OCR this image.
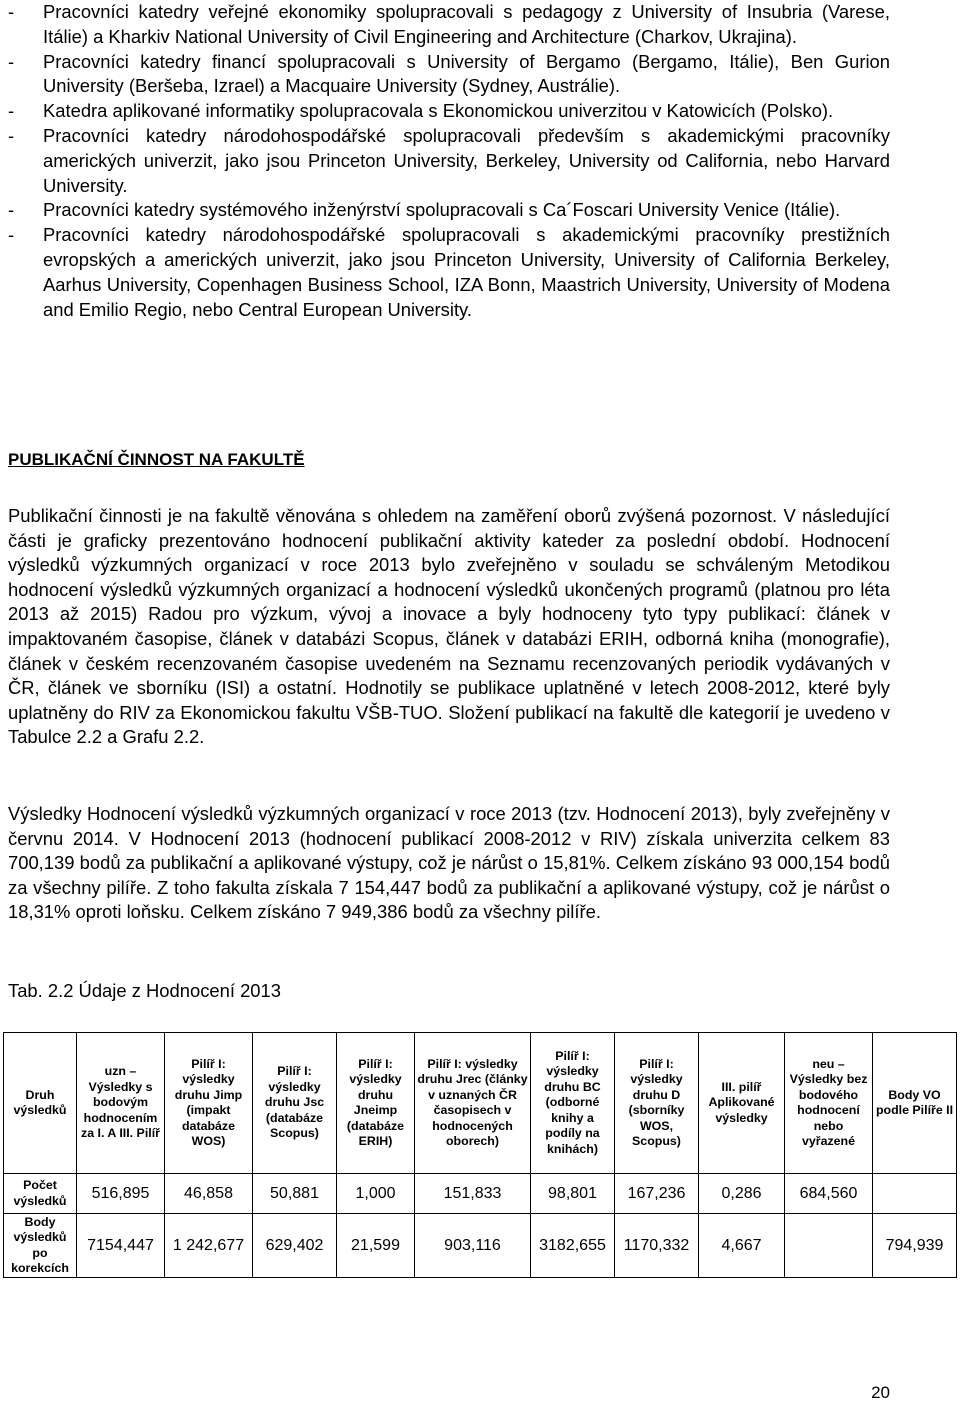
- Pracovníci katedry veřejné ekonomiky spolupracovali s pedagogy z University of Insubria (Varese, Itálie) a Kharkiv National University of Civil Engineering and Architecture (Charkov, Ukrajina).
- Pracovníci katedry financí spolupracovali s University of Bergamo (Bergamo, Itálie), Ben Gurion University (Beršeba, Izrael) a Macquaire University (Sydney, Austrálie).
- Katedra aplikované informatiky spolupracovala s Ekonomickou univerzitou v Katowicích (Polsko).
- Pracovníci katedry národohospodářské spolupracovali především s akademickými pracovníky amerických univerzit, jako jsou Princeton University, Berkeley, University od California, nebo Harvard University.
- Pracovníci katedry systémového inženýrství spolupracovali s Ca´Foscari University Venice (Itálie).
- Pracovníci katedry národohospodářské spolupracovali s akademickými pracovníky prestižních evropských a amerických univerzit, jako jsou Princeton University, University of California Berkeley, Aarhus University, Copenhagen Business School, IZA Bonn, Maastrich University, University of Modena and Emilio Regio, nebo Central European University.
PUBLIKAČNÍ ČINNOST NA FAKULTĚ

Publikační činnosti je na fakultě věnována s ohledem na zaměření oborů zvýšená pozornost. V následující části je graficky prezentováno hodnocení publikační aktivity kateder za poslední období. Hodnocení výsledků výzkumných organizací v roce 2013 bylo zveřejněno v souladu se schváleným Metodikou hodnocení výsledků výzkumných organizací a hodnocení výsledků ukončených programů (platnou pro léta 2013 až 2015) Radou pro výzkum, vývoj a inovace a byly hodnoceny tyto typy publikací: článek v impaktovaném časopise, článek v databázi Scopus, článek v databázi ERIH, odborná kniha (monografie), článek v českém recenzovaném časopise uvedeném na Seznamu recenzovaných periodik vydávaných v ČR, článek ve sborníku (ISI) a ostatní. Hodnotily se publikace uplatněné v letech 2008-2012, které byly uplatněny do RIV za Ekonomickou fakultu VŠB-TUO. Složení publikací na fakultě dle kategorií je uvedeno v Tabulce 2.2 a Grafu 2.2.

Výsledky Hodnocení výsledků výzkumných organizací v roce 2013 (tzv. Hodnocení 2013), byly zveřejněny v červnu 2014. V Hodnocení 2013 (hodnocení publikací 2008-2012 v RIV) získala univerzita celkem 83 700,139 bodů za publikační a aplikované výstupy, což je nárůst o 15,81%. Celkem získáno 93 000,154 bodů za všechny pilíře. Z toho fakulta získala 7 154,447 bodů za publikační a aplikované výstupy, což je nárůst o 18,31% oproti loňsku. Celkem získáno 7 949,386 bodů za všechny pilíře.

Tab. 2.2 Údaje z Hodnocení 2013

Druh výsledků	uzn – Výsledky s bodovým hodnocením za I. A III. Pilíř	Pilíř I: výsledky druhu Jimp (impakt databáze WOS)	Pilíř I: výsledky druhu Jsc (databáze Scopus)	Pilíř I: výsledky druhu Jneimp (databáze ERIH)	Pilíř I: výsledky druhu Jrec (články v uznaných ČR časopisech v hodnocených oborech)	Pilíř I: výsledky druhu BC (odborné knihy a podíly na knihách)	Pilíř I: výsledky druhu D (sborníky WOS, Scopus)	III. pilíř Aplikované výsledky	neu – Výsledky bez bodového hodnocení nebo vyřazené	Body VO podle Pilíře II
Počet výsledků	516,895	46,858	50,881	1,000	151,833	98,801	167,236	0,286	684,560	
Body výsledků po korekcích	7154,447	1 242,677	629,402	21,599	903,116	3182,655	1170,332	4,667		794,939

20
